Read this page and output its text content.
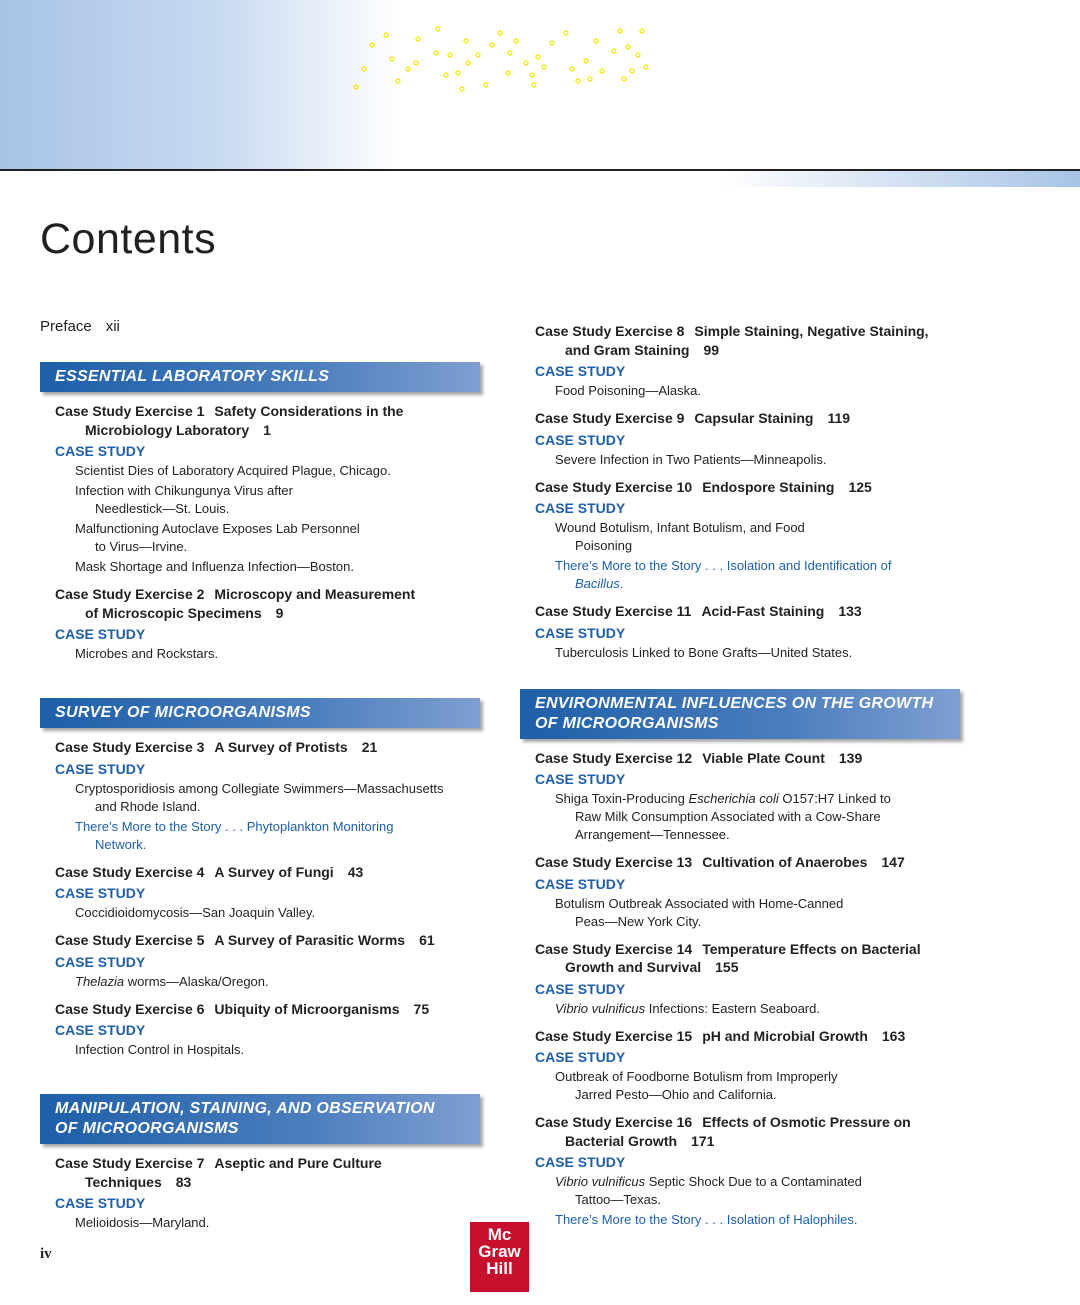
Contents
Preface xii
ESSENTIAL LABORATORY SKILLS

Case Study Exercise 1 Safety Considerations in the
Microbiology Laboratory 1

CASE STUDY
Scientist Dies of Laboratory Acquired Plague, Chicago.
Infection with Chikungunya Virus after
Needlestick—St. Louis.
Malfunctioning Autoclave Exposes Lab Personnel
to Virus—Irvine.
Mask Shortage and Influenza Infection—Boston.

Case Study Exercise 2 Microscopy and Measurement
of Microscopic Specimens 9

CASE STUDY
Microbes and Rockstars.
SURVEY OF MICROORGANISMS

Case Study Exercise 3 A Survey of Protists 21

CASE STUDY
Cryptosporidiosis among Collegiate Swimmers—Massachusetts
and Rhode Island.
There’s More to the Story . . . Phytoplankton Monitoring
Network.

Case Study Exercise 4 A Survey of Fungi 43

CASE STUDY
Coccidioidomycosis—San Joaquin Valley.

Case Study Exercise 5 A Survey of Parasitic Worms 61

CASE STUDY
Thelazia worms—Alaska/Oregon.

Case Study Exercise 6 Ubiquity of Microorganisms 75

CASE STUDY
Infection Control in Hospitals.
MANIPULATION, STAINING, AND OBSERVATION
OF MICROORGANISMS

Case Study Exercise 7 Aseptic and Pure Culture
Techniques 83

CASE STUDY
Melioidosis—Maryland.

Case Study Exercise 8 Simple Staining, Negative Staining,
and Gram Staining 99

CASE STUDY
Food Poisoning—Alaska.

Case Study Exercise 9 Capsular Staining 119

CASE STUDY
Severe Infection in Two Patients—Minneapolis.

Case Study Exercise 10 Endospore Staining 125

CASE STUDY
Wound Botulism, Infant Botulism, and Food
Poisoning
There’s More to the Story . . . Isolation and Identification of
Bacillus.

Case Study Exercise 11 Acid-Fast Staining 133

CASE STUDY
Tuberculosis Linked to Bone Grafts—United States.
ENVIRONMENTAL INFLUENCES ON THE GROWTH
OF MICROORGANISMS

Case Study Exercise 12 Viable Plate Count 139

CASE STUDY
Shiga Toxin-Producing Escherichia coli O157:H7 Linked to
Raw Milk Consumption Associated with a Cow-Share
Arrangement—Tennessee.

Case Study Exercise 13 Cultivation of Anaerobes 147

CASE STUDY
Botulism Outbreak Associated with Home-Canned
Peas—New York City.

Case Study Exercise 14 Temperature Effects on Bacterial
Growth and Survival 155

CASE STUDY
Vibrio vulnificus Infections: Eastern Seaboard.

Case Study Exercise 15 pH and Microbial Growth 163

CASE STUDY
Outbreak of Foodborne Botulism from Improperly
Jarred Pesto—Ohio and California.

Case Study Exercise 16 Effects of Osmotic Pressure on
Bacterial Growth 171

CASE STUDY
Vibrio vulnificus Septic Shock Due to a Contaminated
Tattoo—Texas.
There’s More to the Story . . . Isolation of Halophiles.
iv
Mc
Graw
Hill
